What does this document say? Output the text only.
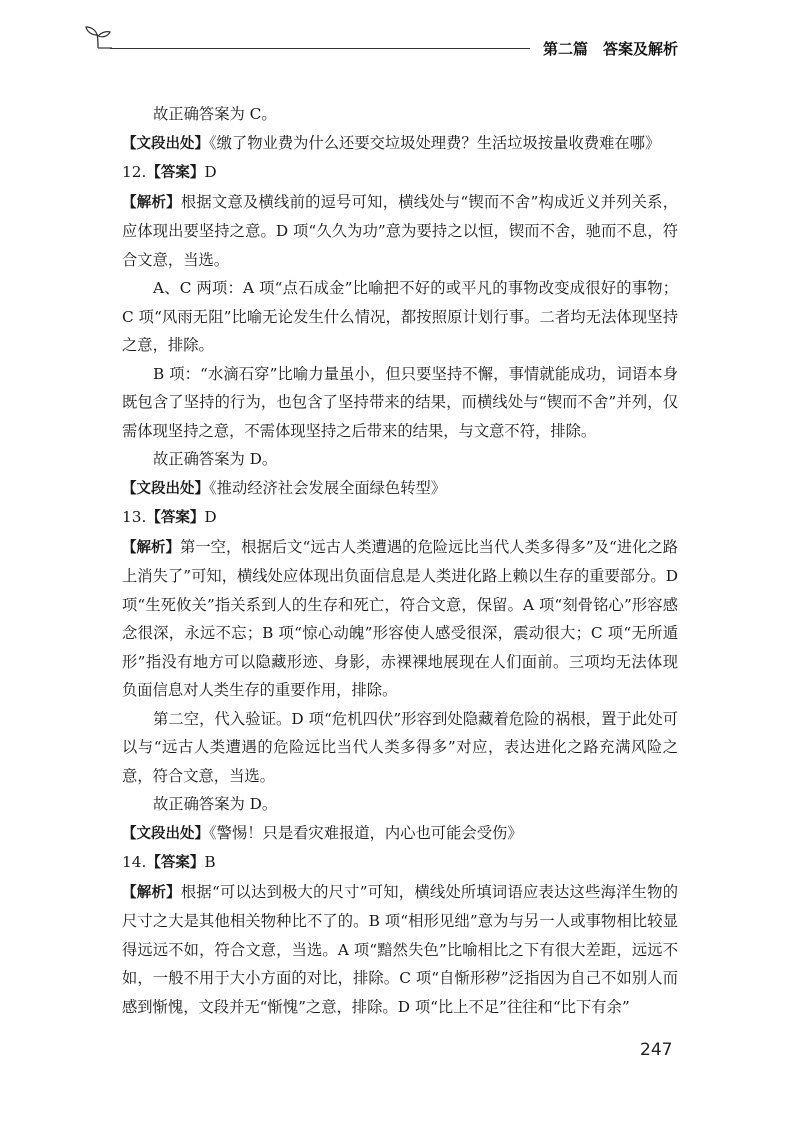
第二篇　答案及解析

故正确答案为 C。

【文段出处】《缴了物业费为什么还要交垃圾处理费？生活垃圾按量收费难在哪》

12.【答案】D

【解析】根据文意及横线前的逗号可知，横线处与“锲而不舍”构成近义并列关系，应体现出要坚持之意。D 项“久久为功”意为要持之以恒，锲而不舍，驰而不息，符合文意，当选。

A、C 两项：A 项“点石成金”比喻把不好的或平凡的事物改变成很好的事物；C 项“风雨无阻”比喻无论发生什么情况，都按照原计划行事。二者均无法体现坚持之意，排除。

B 项：“水滴石穿”比喻力量虽小，但只要坚持不懈，事情就能成功，词语本身既包含了坚持的行为，也包含了坚持带来的结果，而横线处与“锲而不舍”并列，仅需体现坚持之意，不需体现坚持之后带来的结果，与文意不符，排除。

故正确答案为 D。

【文段出处】《推动经济社会发展全面绿色转型》

13.【答案】D

【解析】第一空，根据后文“远古人类遭遇的危险远比当代人类多得多”及“进化之路上消失了”可知，横线处应体现出负面信息是人类进化路上赖以生存的重要部分。D 项“生死攸关”指关系到人的生存和死亡，符合文意，保留。A 项“刻骨铭心”形容感念很深，永远不忘；B 项“惊心动魄”形容使人感受很深，震动很大；C 项“无所遁形”指没有地方可以隐藏形迹、身影，赤裸裸地展现在人们面前。三项均无法体现负面信息对人类生存的重要作用，排除。

第二空，代入验证。D 项“危机四伏”形容到处隐藏着危险的祸根，置于此处可以与“远古人类遭遇的危险远比当代人类多得多”对应，表达进化之路充满风险之意，符合文意，当选。

故正确答案为 D。

【文段出处】《警惕！只是看灾难报道，内心也可能会受伤》

14.【答案】B

【解析】根据“可以达到极大的尺寸”可知，横线处所填词语应表达这些海洋生物的尺寸之大是其他相关物种比不了的。B 项“相形见绌”意为与另一人或事物相比较显得远远不如，符合文意，当选。A 项“黯然失色”比喻相比之下有很大差距，远远不如，一般不用于大小方面的对比，排除。C 项“自惭形秽”泛指因为自己不如别人而感到惭愧，文段并无“惭愧”之意，排除。D 项“比上不足”往往和“比下有余”

247
